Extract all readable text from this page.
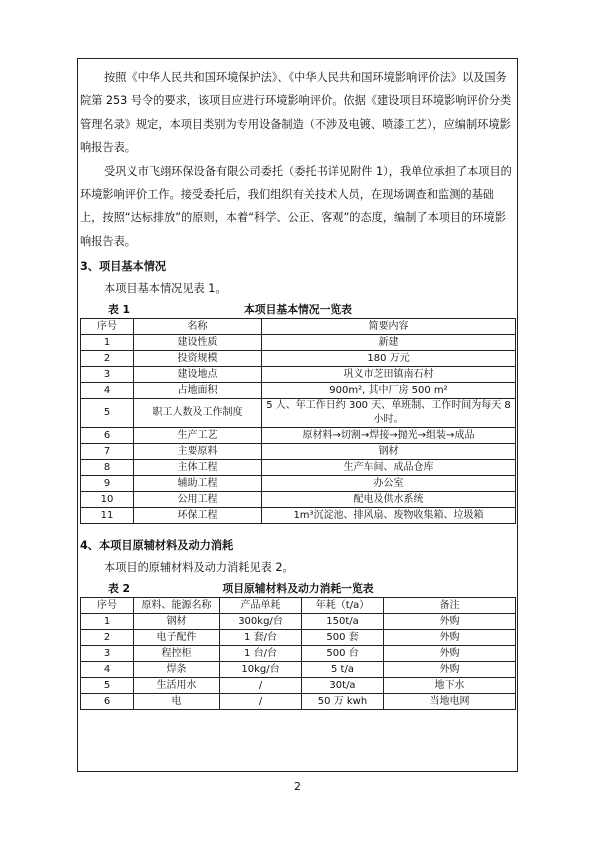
按照《中华人民共和国环境保护法》、《中华人民共和国环境影响评价法》以及国务院第 253 号令的要求，该项目应进行环境影响评价。依据《建设项目环境影响评价分类管理名录》规定，本项目类别为专用设备制造（不涉及电镀、喷漆工艺），应编制环境影响报告表。

受巩义市飞翊环保设备有限公司委托（委托书详见附件 1），我单位承担了本项目的环境影响评价工作。接受委托后，我们组织有关技术人员，在现场调查和监测的基础上，按照“达标排放”的原则，本着“科学、公正、客观”的态度，编制了本项目的环境影响报告表。

3、项目基本情况

本项目基本情况见表 1。

表 1	本项目基本情况一览表
序号	名称	简要内容
1	建设性质	新建
2	投资规模	180 万元
3	建设地点	巩义市芝田镇南石村
4	占地面积	900m², 其中厂房 500 m²
5	职工人数及工作制度	5 人、年工作日约 300 天、单班制、工作时间为每天 8 小时。
6	生产工艺	原材料→切割→焊接→抛光→组装→成品
7	主要原料	钢材
8	主体工程	生产车间、成品仓库
9	辅助工程	办公室
10	公用工程	配电及供水系统
11	环保工程	1m³沉淀池、排风扇、废物收集箱、垃圾箱
4、本项目原辅材料及动力消耗

本项目的原辅材料及动力消耗见表 2。

表 2	项目原辅材料及动力消耗一览表
序号	原料、能源名称	产品单耗	年耗（t/a）	备注
1	钢材	300kg/台	150t/a	外购
2	电子配件	1 套/台	500 套	外购
3	程控柜	1 台/台	500 台	外购
4	焊条	10kg/台	5 t/a	外购
5	生活用水	/	30t/a	地下水
6	电	/	50 万 kwh	当地电网
2
